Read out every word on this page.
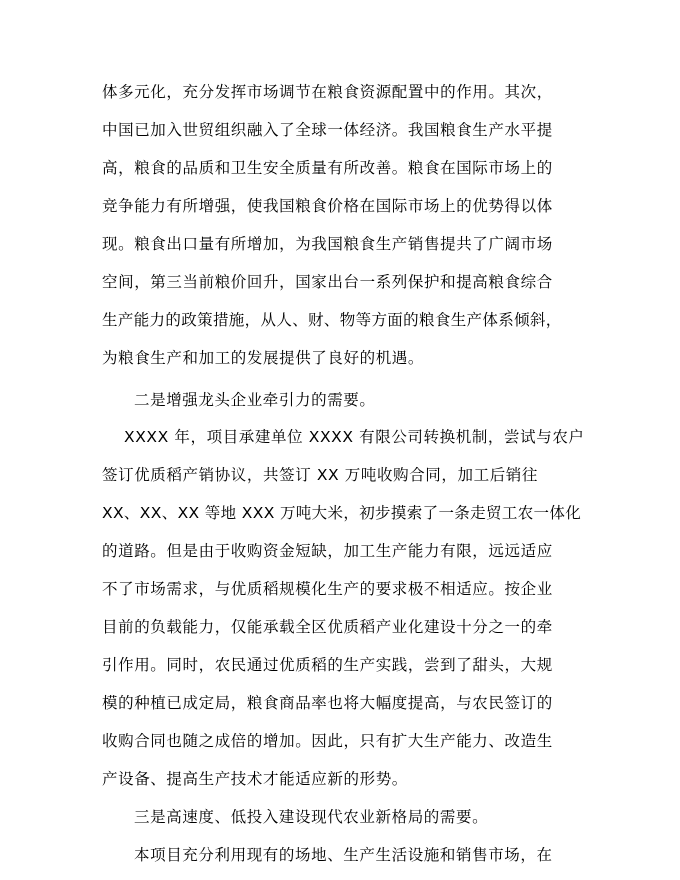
体多元化，充分发挥市场调节在粮食资源配置中的作用。其次，
中国已加入世贸组织融入了全球一体经济。我国粮食生产水平提
高，粮食的品质和卫生安全质量有所改善。粮食在国际市场上的
竞争能力有所增强，使我国粮食价格在国际市场上的优势得以体
现。粮食出口量有所增加，为我国粮食生产销售提共了广阔市场
空间，第三当前粮价回升，国家出台一系列保护和提高粮食综合
生产能力的政策措施，从人、财、物等方面的粮食生产体系倾斜，
为粮食生产和加工的发展提供了良好的机遇。
二是增强龙头企业牵引力的需要。
XXXX 年，项目承建单位 XXXX 有限公司转换机制，尝试与农户
签订优质稻产销协议，共签订 XX 万吨收购合同，加工后销往
XX、XX、XX 等地 XXX 万吨大米，初步摸索了一条走贸工农一体化
的道路。但是由于收购资金短缺，加工生产能力有限，远远适应
不了市场需求，与优质稻规模化生产的要求极不相适应。按企业
目前的负载能力，仅能承载全区优质稻产业化建设十分之一的牵
引作用。同时，农民通过优质稻的生产实践，尝到了甜头，大规
模的种植已成定局，粮食商品率也将大幅度提高，与农民签订的
收购合同也随之成倍的增加。因此，只有扩大生产能力、改造生
产设备、提高生产技术才能适应新的形势。
三是高速度、低投入建设现代农业新格局的需要。
本项目充分利用现有的场地、生产生活设施和销售市场，在
